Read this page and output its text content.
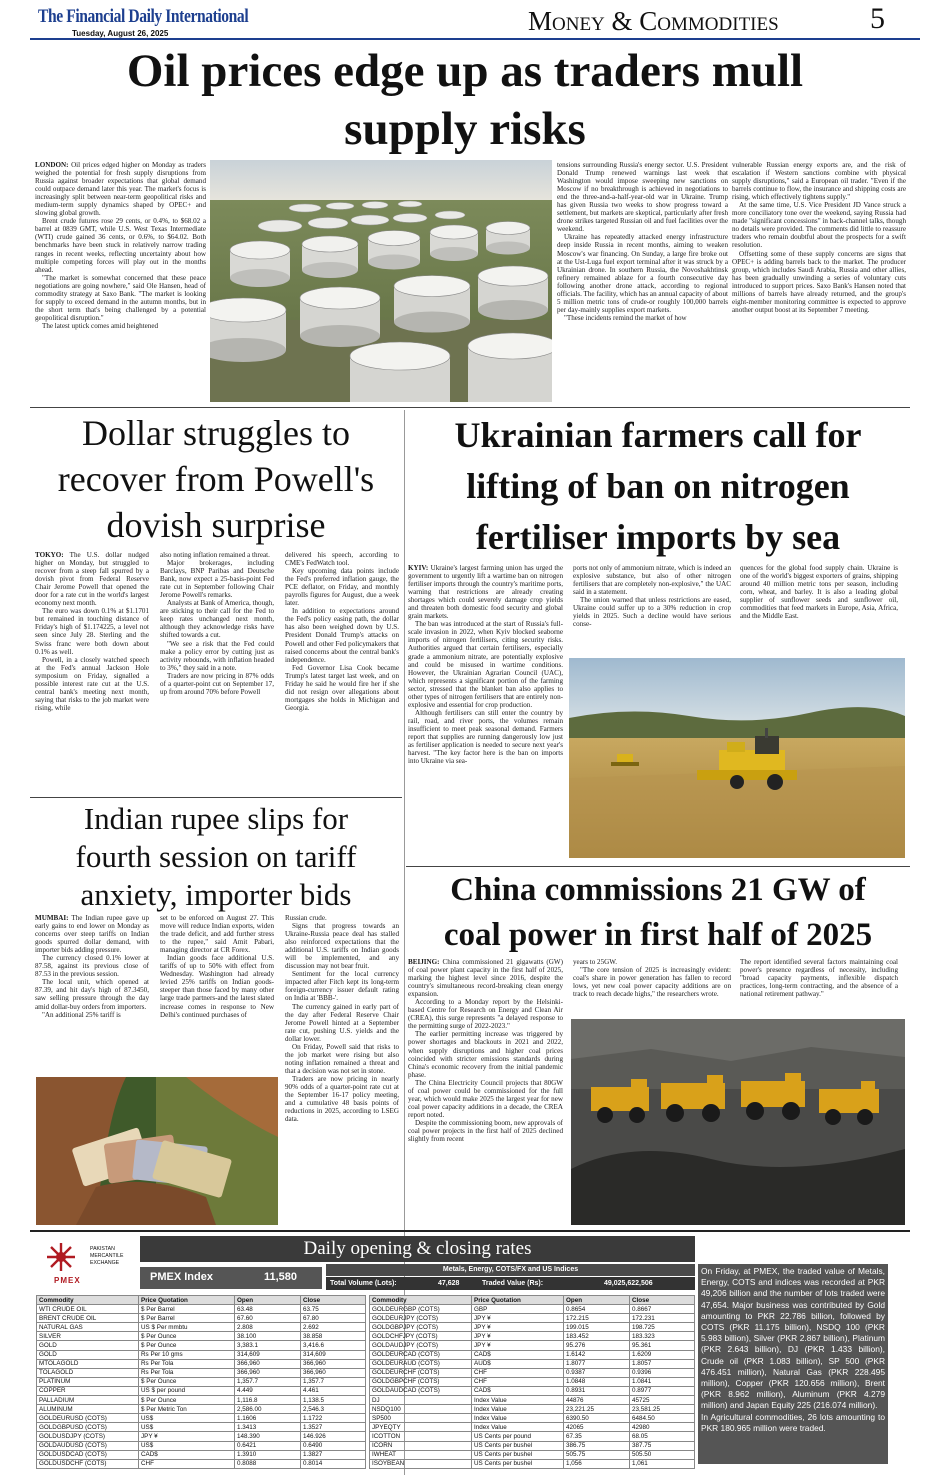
The Financial Daily International
Tuesday, August 26, 2025	Money & Commodities	5
Oil prices edge up as traders mull
supply risks

LONDON: Oil prices edged higher on Monday as traders weighed the potential for fresh supply disruptions from Russia against broader expectations that global demand could outpace demand later this year. The market's focus is increasingly split between near-term geopolitical risks and medium-term supply dynamics shaped by OPEC+ and slowing global growth.

Brent crude futures rose 29 cents, or 0.4%, to $68.02 a barrel at 0839 GMT, while U.S. West Texas Intermediate (WTI) crude gained 36 cents, or 0.6%, to $64.02. Both benchmarks have been stuck in relatively narrow trading ranges in recent weeks, reflecting uncertainty about how multiple competing forces will play out in the months ahead.

"The market is somewhat concerned that these peace negotiations are going nowhere," said Ole Hansen, head of commodity strategy at Saxo Bank. "The market is looking for supply to exceed demand in the autumn months, but in the short term that's being challenged by a potential geopolitical disruption."

The latest uptick comes amid heightened

tensions surrounding Russia's energy sector. U.S. President Donald Trump renewed warnings last week that Washington would impose sweeping new sanctions on Moscow if no breakthrough is achieved in negotiations to end the three-and-a-half-year-old war in Ukraine. Trump has given Russia two weeks to show progress toward a settlement, but markets are skeptical, particularly after fresh drone strikes targeted Russian oil and fuel facilities over the weekend.

Ukraine has repeatedly attacked energy infrastructure deep inside Russia in recent months, aiming to weaken Moscow's war financing. On Sunday, a large fire broke out at the Ust-Luga fuel export terminal after it was struck by a Ukrainian drone. In southern Russia, the Novoshakhtinsk refinery remained ablaze for a fourth consecutive day following another drone attack, according to regional officials. The facility, which has an annual capacity of about 5 million metric tons of crude-or roughly 100,000 barrels per day-mainly supplies export markets.

"These incidents remind the market of how

vulnerable Russian energy exports are, and the risk of escalation if Western sanctions combine with physical supply disruptions," said a European oil trader. "Even if the barrels continue to flow, the insurance and shipping costs are rising, which effectively tightens supply."

At the same time, U.S. Vice President JD Vance struck a more conciliatory tone over the weekend, saying Russia had made "significant concessions" in back-channel talks, though no details were provided. The comments did little to reassure traders who remain doubtful about the prospects for a swift resolution.

Offsetting some of these supply concerns are signs that OPEC+ is adding barrels back to the market. The producer group, which includes Saudi Arabia, Russia and other allies, has been gradually unwinding a series of voluntary cuts introduced to support prices. Saxo Bank's Hansen noted that millions of barrels have already returned, and the group's eight-member monitoring committee is expected to approve another output boost at its September 7 meeting.

Dollar struggles to
recover from Powell's
dovish surprise

TOKYO: The U.S. dollar nudged higher on Monday, but struggled to recover from a steep fall spurred by a dovish pivot from Federal Reserve Chair Jerome Powell that opened the door for a rate cut in the world's largest economy next month.

The euro was down 0.1% at $1.1701 but remained in touching distance of Friday's high of $1.174225, a level not seen since July 28. Sterling and the Swiss franc were both down about 0.1% as well.

Powell, in a closely watched speech at the Fed's annual Jackson Hole symposium on Friday, signalled a possible interest rate cut at the U.S. central bank's meeting next month, saying that risks to the job market were rising, while

also noting inflation remained a threat.

Major brokerages, including Barclays, BNP Paribas and Deutsche Bank, now expect a 25-basis-point Fed rate cut in September following Chair Jerome Powell's remarks.

Analysts at Bank of America, though, are sticking to their call for the Fed to keep rates unchanged next month, although they acknowledge risks have shifted towards a cut.

"We see a risk that the Fed could make a policy error by cutting just as activity rebounds, with inflation headed to 3%," they said in a note.

Traders are now pricing in 87% odds of a quarter-point cut on September 17, up from around 70% before Powell

delivered his speech, according to CME's FedWatch tool.

Key upcoming data points include the Fed's preferred inflation gauge, the PCE deflator, on Friday, and monthly payrolls figures for August, due a week later.

In addition to expectations around the Fed's policy easing path, the dollar has also been weighed down by U.S. President Donald Trump's attacks on Powell and other Fed policymakers that raised concerns about the central bank's independence.

Fed Governor Lisa Cook became Trump's latest target last week, and on Friday he said he would fire her if she did not resign over allegations about mortgages she holds in Michigan and Georgia.

Ukrainian farmers call for
lifting of ban on nitrogen
fertiliser imports by sea

KYIV: Ukraine's largest farming union has urged the government to urgently lift a wartime ban on nitrogen fertiliser imports through the country's maritime ports, warning that restrictions are already creating shortages which could severely damage crop yields and threaten both domestic food security and global grain markets.

The ban was introduced at the start of Russia's full-scale invasion in 2022, when Kyiv blocked seaborne imports of nitrogen fertilisers, citing security risks. Authorities argued that certain fertilisers, especially grade a ammonium nitrate, are potentially explosive and could be misused in wartime conditions. However, the Ukrainian Agrarian Council (UAC), which represents a significant portion of the farming sector, stressed that the blanket ban also applies to other types of nitrogen fertilisers that are entirely non-explosive and essential for crop production.

Although fertilisers can still enter the country by rail, road, and river ports, the volumes remain insufficient to meet peak seasonal demand. Farmers report that supplies are running dangerously low just as fertiliser application is needed to secure next year's harvest. "The key factor here is the ban on imports into Ukraine via sea-

ports not only of ammonium nitrate, which is indeed an explosive substance, but also of other nitrogen fertilisers that are completely non-explosive," the UAC said in a statement.

The union warned that unless restrictions are eased, Ukraine could suffer up to a 30% reduction in crop yields in 2025. Such a decline would have serious conse-

quences for the global food supply chain. Ukraine is one of the world's biggest exporters of grains, shipping around 40 million metric tons per season, including corn, wheat, and barley. It is also a leading global supplier of sunflower seeds and sunflower oil, commodities that feed markets in Europe, Asia, Africa, and the Middle East.

Indian rupee slips for
fourth session on tariff
anxiety, importer bids

MUMBAI: The Indian rupee gave up early gains to end lower on Monday as concerns over steep tariffs on Indian goods spurred dollar demand, with importer bids adding pressure.

The currency closed 0.1% lower at 87.58, against its previous close of 87.53 in the previous session.

The local unit, which opened at 87.39, and hit day's high of 87.3450, saw selling pressure through the day amid dollar-buy orders from importers.

"An additional 25% tariff is

set to be enforced on August 27. This move will reduce Indian exports, widen the trade deficit, and add further stress to the rupee," said Amit Pabari, managing director at CR Forex.

Indian goods face additional U.S. tariffs of up to 50% with effect from Wednesday. Washington had already levied 25% tariffs on Indian goods-steeper than those faced by many other large trade partners-and the latest slated increase comes in response to New Delhi's continued purchases of

Russian crude.

Signs that progress towards an Ukraine-Russia peace deal has stalled also reinforced expectations that the additional U.S. tariffs on Indian goods will be implemented, and any discussion may not bear fruit.

Sentiment for the local currency impacted after Fitch kept its long-term foreign-currency issuer default rating on India at 'BBB-'.

The currency gained in early part of the day after Federal Reserve Chair Jerome Powell hinted at a September rate cut, pushing U.S. yields and the dollar lower.

On Friday, Powell said that risks to the job market were rising but also noting inflation remained a threat and that a decision was not set in stone.

Traders are now pricing in nearly 90% odds of a quarter-point rate cut at the September 16-17 policy meeting, and a cumulative 48 basis points of reductions in 2025, according to LSEG data.

China commissions 21 GW of
coal power in first half of 2025

BEIJING: China commissioned 21 gigawatts (GW) of coal power plant capacity in the first half of 2025, marking the highest level since 2016, despite the country's simultaneous record-breaking clean energy expansion.

According to a Monday report by the Helsinki-based Centre for Research on Energy and Clean Air (CREA), this surge represents "a delayed response to the permitting surge of 2022-2023."

The earlier permitting increase was triggered by power shortages and blackouts in 2021 and 2022, when supply disruptions and higher coal prices coincided with stricter emissions standards during China's economic recovery from the initial pandemic phase.

The China Electricity Council projects that 80GW of coal power could be commissioned for the full year, which would make 2025 the largest year for new coal power capacity additions in a decade, the CREA report noted.

Despite the commissioning boom, new approvals of coal power projects in the first half of 2025 declined slightly from recent

years to 25GW.

"The core tension of 2025 is increasingly evident: coal's share in power generation has fallen to record lows, yet new coal power capacity additions are on track to reach decade highs," the researchers wrote.

The report identified several factors maintaining coal power's presence regardless of necessity, including "broad capacity payments, inflexible dispatch practices, long-term contracting, and the absence of a national retirement pathway."

PAKISTAN
MERCANTILE
EXCHANGE
PMEX
Daily opening & closing rates
Metals, Energy, COTS/FX and US Indices
PMEX Index	11,580
Total Volume (Lots):	47,628	Traded Value (Rs):	49,025,622,506
Commodity	Price Quotation	Open	Close
WTI CRUDE OIL	$ Per Barrel	63.48	63.75
BRENT CRUDE OIL	$ Per Barrel	67.60	67.80
NATURAL GAS	US $ Per mmbtu	2.808	2.692
SILVER	$ Per Ounce	38.100	38.858
GOLD	$ Per Ounce	3,383.1	3,416.6
GOLD	Rs Per 10 gms	314,609	314,609
MTOLAGOLD	Rs Per Tola	366,960	366,960
TOLAGOLD	Rs Per Tola	366,960	366,960
PLATINUM	$ Per Ounce	1,357.7	1,357.7
COPPER	US $ per pound	4.449	4.461
PALLADIUM	$ Per Ounce	1,116.8	1,138.5
ALUMINUM	$ Per Metric Ton	2,586.00	2,546.3
GOLDEURUSD (COTS)	US$	1.1606	1.1722
GOLDGBPUSD (COTS)	US$	1.3413	1.3527
GOLDUSDJPY (COTS)	JPY ¥	148.390	146.926
GOLDAUDUSD (COTS)	US$	0.6421	0.6490
GOLDUSDCAD (COTS)	CAD$	1.3910	1.3827
GOLDUSDCHF (COTS)	CHF	0.8088	0.8014
Commodity	Price Quotation	Open	Close
GOLDEURGBP (COTS)	GBP	0.8654	0.8667
GOLDEURJPY (COTS)	JPY ¥	172.215	172.231
GOLDGBPJPY (COTS)	JPY ¥	199.015	198.725
GOLDCHFJPY (COTS)	JPY ¥	183.452	183.323
GOLDAUDJPY (COTS)	JPY ¥	95.276	95.361
GOLDEURCAD (COTS)	CAD$	1.6142	1.6209
GOLDEURAUD (COTS)	AUD$	1.8077	1.8057
GOLDEURCHF (COTS)	CHF	0.9387	0.9396
GOLDGBPCHF (COTS)	CHF	1.0848	1.0841
GOLDAUDCAD (COTS)	CAD$	0.8931	0.8977
DJ	Index Value	44876	45725
NSDQ100	Index Value	23,221.25	23,581.25
SP500	Index Value	6390.50	6484.50
JPYEQTY	Index Value	42065	42980
ICOTTON	US Cents per pound	67.35	68.05
ICORN	US Cents per bushel	386.75	387.75
IWHEAT	US Cents per bushel	505.75	505.50
ISOYBEAN	US Cents per bushel	1,056	1,061

On Friday, at PMEX, the traded value of Metals, Energy, COTS and indices was recorded at PKR 49,206 billion and the number of lots traded were 47,654. Major business was contributed by Gold amounting to PKR 22.786 billion, followed by COTS (PKR 11.175 billion), NSDQ 100 (PKR 5.983 billion), Silver (PKR 2.867 billion), Platinum (PKR 2.643 billion), DJ (PKR 1.433 billion), Crude oil (PKR 1.083 billion), SP 500 (PKR 476.451 million), Natural Gas (PKR 228.495 million), Copper (PKR 120.656 million), Brent (PKR 8.962 million), Aluminum (PKR 4.279 million) and Japan Equity 225 (216.074 million).

In Agricultural commodities, 26 lots amounting to PKR 180.965 million were traded.
